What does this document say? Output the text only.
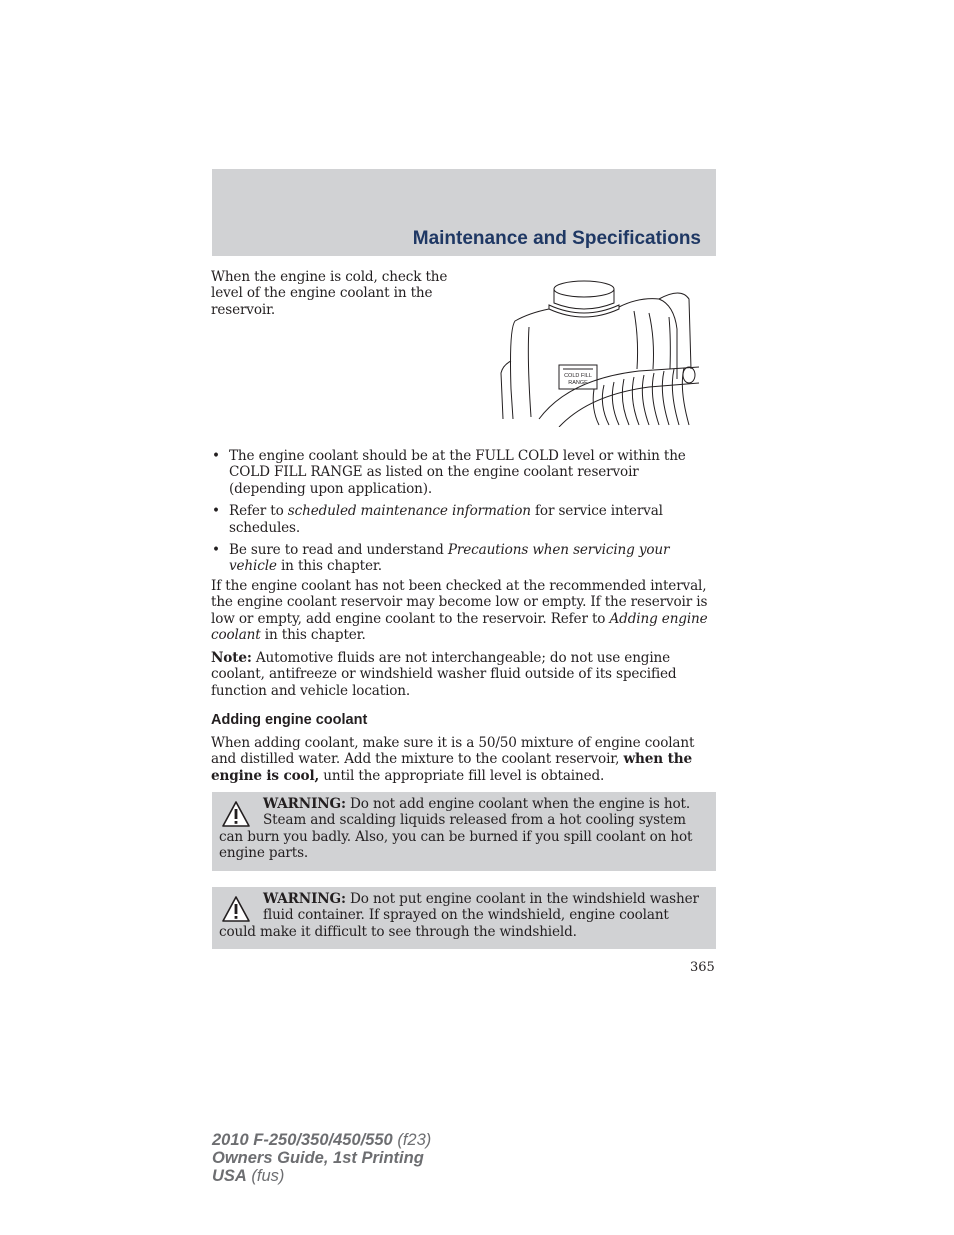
Maintenance and Specifications
When the engine is cold, check the level of the engine coolant in the reservoir.
COLD FILL
RANGE
• The engine coolant should be at the FULL COLD level or within the COLD FILL RANGE as listed on the engine coolant reservoir (depending upon application).
• Refer to scheduled maintenance information for service interval schedules.
• Be sure to read and understand Precautions when servicing your vehicle in this chapter.
If the engine coolant has not been checked at the recommended interval, the engine coolant reservoir may become low or empty. If the reservoir is low or empty, add engine coolant to the reservoir. Refer to Adding engine coolant in this chapter.
Note: Automotive fluids are not interchangeable; do not use engine coolant, antifreeze or windshield washer fluid outside of its specified function and vehicle location.
Adding engine coolant
When adding coolant, make sure it is a 50/50 mixture of engine coolant and distilled water. Add the mixture to the coolant reservoir, when the engine is cool, until the appropriate fill level is obtained.
WARNING: Do not add engine coolant when the engine is hot. Steam and scalding liquids released from a hot cooling system can burn you badly. Also, you can be burned if you spill coolant on hot engine parts.
WARNING: Do not put engine coolant in the windshield washer fluid container. If sprayed on the windshield, engine coolant could make it difficult to see through the windshield.
365
2010 F-250/350/450/550 (f23)
Owners Guide, 1st Printing
USA (fus)
